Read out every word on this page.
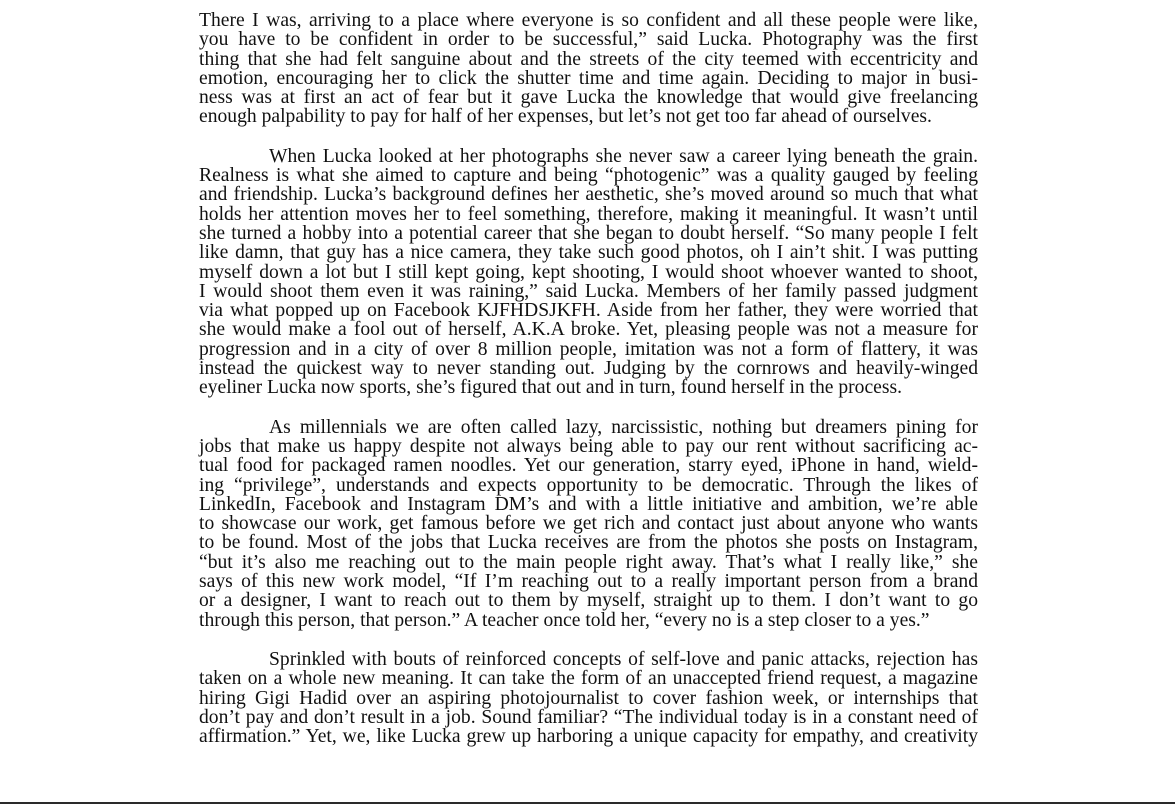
There I was, arriving to a place where everyone is so confident and all these people were like,
you have to be confident in order to be successful,” said Lucka. Photography was the first
thing that she had felt sanguine about and the streets of the city teemed with eccentricity and
emotion, encouraging her to click the shutter time and time again. Deciding to major in busi-
ness was at first an act of fear but it gave Lucka the knowledge that would give freelancing
enough palpability to pay for half of her expenses, but let’s not get too far ahead of ourselves.
When Lucka looked at her photographs she never saw a career lying beneath the grain.
Realness is what she aimed to capture and being “photogenic” was a quality gauged by feeling
and friendship. Lucka’s background defines her aesthetic, she’s moved around so much that what
holds her attention moves her to feel something, therefore, making it meaningful. It wasn’t until
she turned a hobby into a potential career that she began to doubt herself. “So many people I felt
like damn, that guy has a nice camera, they take such good photos, oh I ain’t shit. I was putting
myself down a lot but I still kept going, kept shooting, I would shoot whoever wanted to shoot,
I would shoot them even it was raining,” said Lucka. Members of her family passed judgment
via what popped up on Facebook KJFHDSJKFH. Aside from her father, they were worried that
she would make a fool out of herself, A.K.A broke. Yet, pleasing people was not a measure for
progression and in a city of over 8 million people, imitation was not a form of flattery, it was
instead the quickest way to never standing out. Judging by the cornrows and heavily-winged
eyeliner Lucka now sports, she’s figured that out and in turn, found herself in the process.
As millennials we are often called lazy, narcissistic, nothing but dreamers pining for
jobs that make us happy despite not always being able to pay our rent without sacrificing ac-
tual food for packaged ramen noodles. Yet our generation, starry eyed, iPhone in hand, wield-
ing “privilege”, understands and expects opportunity to be democratic. Through the likes of
LinkedIn, Facebook and Instagram DM’s and with a little initiative and ambition, we’re able
to showcase our work, get famous before we get rich and contact just about anyone who wants
to be found. Most of the jobs that Lucka receives are from the photos she posts on Instagram,
“but it’s also me reaching out to the main people right away. That’s what I really like,” she
says of this new work model, “If I’m reaching out to a really important person from a brand
or a designer, I want to reach out to them by myself, straight up to them. I don’t want to go
through this person, that person.” A teacher once told her, “every no is a step closer to a yes.”
Sprinkled with bouts of reinforced concepts of self-love and panic attacks, rejection has
taken on a whole new meaning. It can take the form of an unaccepted friend request, a magazine
hiring Gigi Hadid over an aspiring photojournalist to cover fashion week, or internships that
don’t pay and don’t result in a job. Sound familiar? “The individual today is in a constant need of
affirmation.” Yet, we, like Lucka grew up harboring a unique capacity for empathy, and creativity
